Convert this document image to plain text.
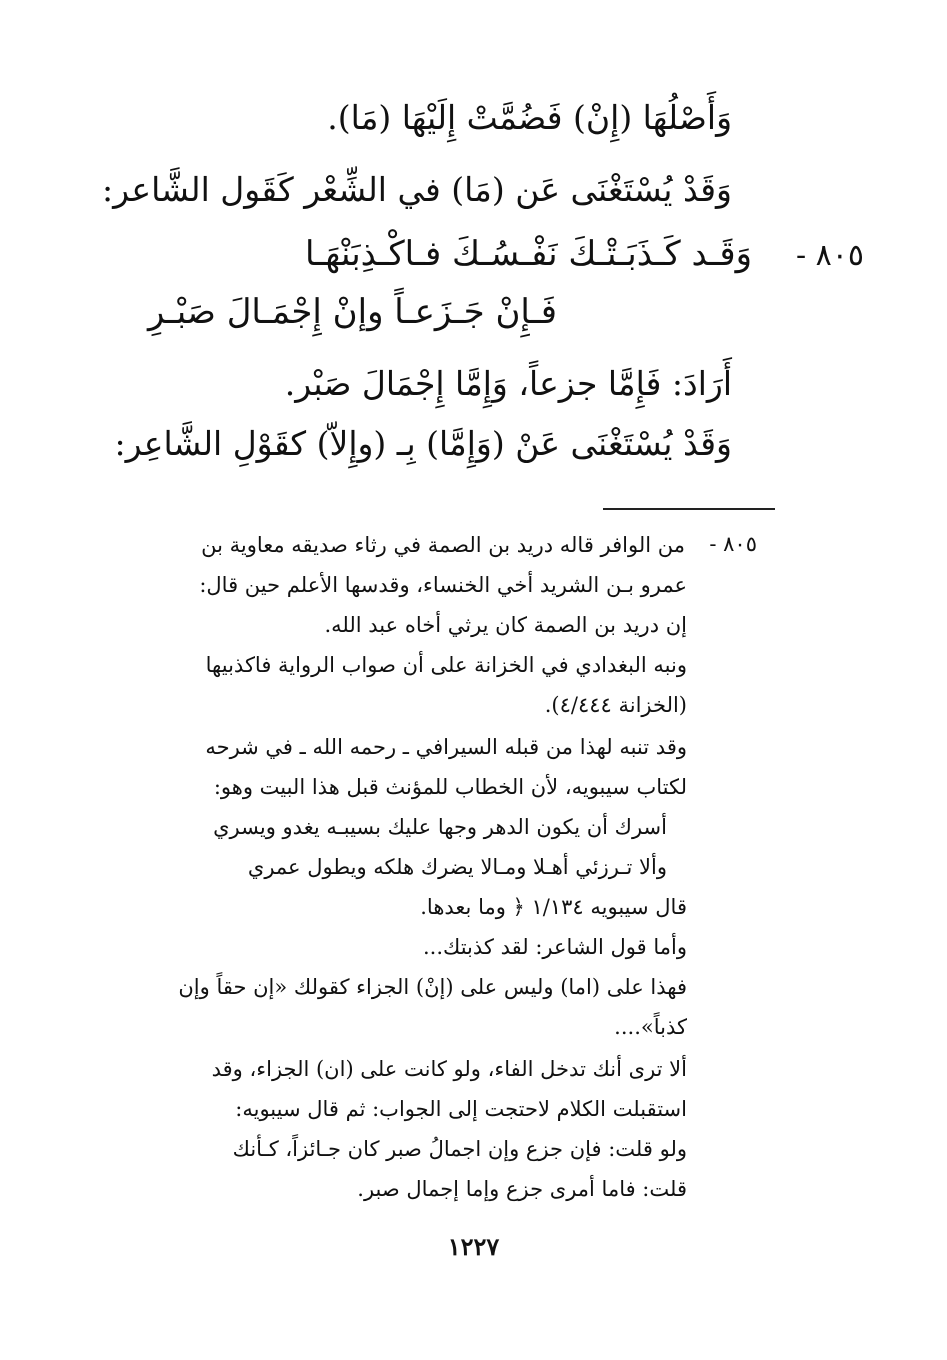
وَأَصْلُهَا (إِنْ) فَضُمَّتْ إِلَيْهَا (مَا).
وَقَدْ يُسْتَغْنَى عَن (مَا) في الشِّعْر كَقَول الشَّاعر:
٨٠٥ -
وَقَـد كَـذَبَـتْـكَ نَفْـسُـكَ فـاكْـذِبَنْهَـا
فَـإِنْ جَـزَعـاً وإنْ إِجْمَـالَ صَبْـرِ
أَرَادَ: فَإِمَّا جزعاً، وَإِمَّا إِجْمَالَ صَبْر.
وَقَدْ يُسْتَغْنَى عَنْ (وَإِمَّا) بِـ (وإِلاّ) كقَوْلِ الشَّاعِر:
٨٠٥ -
من الوافر قاله دريد بن الصمة في رثاء صديقه معاوية بن
عمرو بـن الشريد أخي الخنساء، وقدسها الأعلم حين قال:
إن دريد بن الصمة كان يرثي أخاه عبد الله.
ونبه البغدادي في الخزانة على أن صواب الرواية فاكذبيها
(الخزانة ٤/٤٤٤).
وقد تنبه لهذا من قبله السيرافي ـ رحمه الله ـ في شرحه
لكتاب سيبويه، لأن الخطاب للمؤنث قبل هذا البيت وهو:
أسرك أن يكون الدهر وجها عليك بسيبـه يغدو ويسري
وألا تـرزئي أهـلا ومـالا يضرك هلكه ويطول عمري
قال سيبويه ١/١٣٤ ﴿ وما بعدها.
وأما قول الشاعر: لقد كذبتك...
فهذا على (اما) وليس على (إنْ) الجزاء كقولك «إن حقاً وإن
كذباً»....
ألا ترى أنك تدخل الفاء، ولو كانت على (ان) الجزاء، وقد
استقبلت الكلام لاحتجت إلى الجواب: ثم قال سيبويه:
ولو قلت: فإن جزع وإن اجمالُ صبر كان جـائزاً، كـأنك
قلت: فاما أمرى جزع وإما إجمال صبر.
١٢٢٧
